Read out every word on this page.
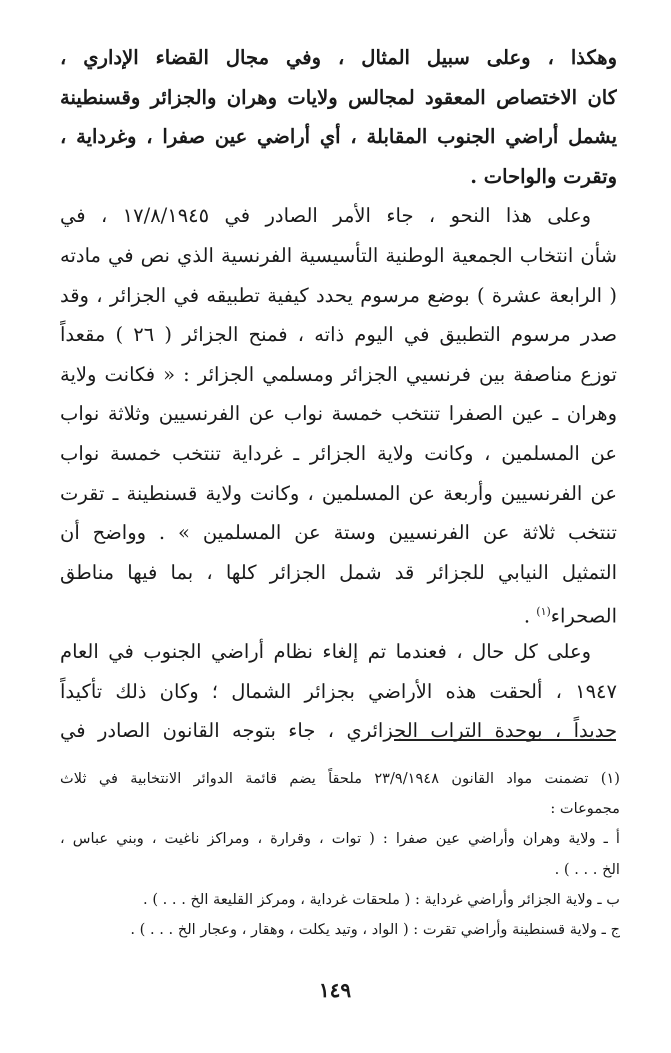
وهكذا ، وعلى سبيل المثال ، وفي مجال القضاء الإداري ،
كان الاختصاص المعقود لمجالس ولايات وهران والجزائر وقسنطينة
يشمل أراضي الجنوب المقابلة ، أي أراضي عين صفرا ، وغرداية ،
وتقرت والواحات .
وعلى هذا النحو ، جاء الأمر الصادر في ١٧/٨/١٩٤٥ ، في
شأن انتخاب الجمعية الوطنية التأسيسية الفرنسية الذي نص في مادته
( الرابعة عشرة ) بوضع مرسوم يحدد كيفية تطبيقه في الجزائر ، وقد
صدر مرسوم التطبيق في اليوم ذاته ، فمنح الجزائر ( ٢٦ ) مقعداً
توزع مناصفة بين فرنسيي الجزائر ومسلمي الجزائر : « فكانت ولاية
وهران ـ عين الصفرا تنتخب خمسة نواب عن الفرنسيين وثلاثة نواب
عن المسلمين ، وكانت ولاية الجزائر ـ غرداية تنتخب خمسة نواب
عن الفرنسيين وأربعة عن المسلمين ، وكانت ولاية قسنطينة ـ تقرت
تنتخب ثلاثة عن الفرنسيين وستة عن المسلمين » . وواضح أن
التمثيل النيابي للجزائر قد شمل الجزائر كلها ، بما فيها مناطق
الصحراء$^{(١)}$ .
وعلى كل حال ، فعندما تم إلغاء نظام أراضي الجنوب في العام
١٩٤٧ ، ألحقت هذه الأراضي بجزائر الشمال ؛ وكان ذلك تأكيداً
جديداً ، بوحدة التراب الجزائري ، جاء بتوجه القانون الصادر في
(١) تضمنت مواد القانون ٢٣/٩/١٩٤٨ ملحقاً يضم قائمة الدوائر الانتخابية في ثلاث
مجموعات :
أ ـ ولاية وهران وأراضي عين صفرا : ( توات ، وقرارة ، ومراكز ناغيت ، وبني عباس ،
الخ . . . ) .
ب ـ ولاية الجزائر وأراضي غرداية : ( ملحقات غرداية ، ومركز القليعة الخ . . . ) .
ج ـ ولاية قسنطينة وأراضي تقرت : ( الواد ، وتيد يكلت ، وهقار ، وعجار الخ . . . ) .
١٤٩
